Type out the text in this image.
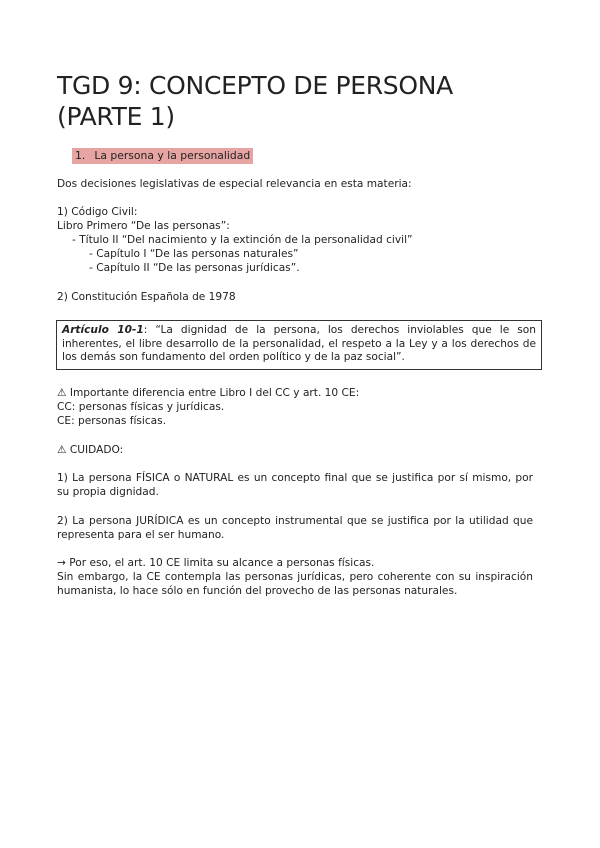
TGD 9: CONCEPTO DE PERSONA
(PARTE 1)
1. La persona y la personalidad
Dos decisiones legislativas de especial relevancia en esta materia:
1) Código Civil:
Libro Primero “De las personas”:
- Título II “Del nacimiento y la extinción de la personalidad civil”
- Capítulo I “De las personas naturales”
- Capítulo II “De las personas jurídicas”.
2) Constitución Española de 1978
Artículo 10-1: “La dignidad de la persona, los derechos inviolables que le son inherentes, el libre desarrollo de la personalidad, el respeto a la Ley y a los derechos de los demás son fundamento del orden político y de la paz social”.
⚠ Importante diferencia entre Libro I del CC y art. 10 CE:
CC: personas físicas y jurídicas.
CE: personas físicas.
⚠ CUIDADO:
1) La persona FÍSICA o NATURAL es un concepto final que se justifica por sí mismo, por su propia dignidad.
2) La persona JURÍDICA es un concepto instrumental que se justifica por la utilidad que representa para el ser humano.
→ Por eso, el art. 10 CE limita su alcance a personas físicas.
Sin embargo, la CE contempla las personas jurídicas, pero coherente con su inspiración humanista, lo hace sólo en función del provecho de las personas naturales.
